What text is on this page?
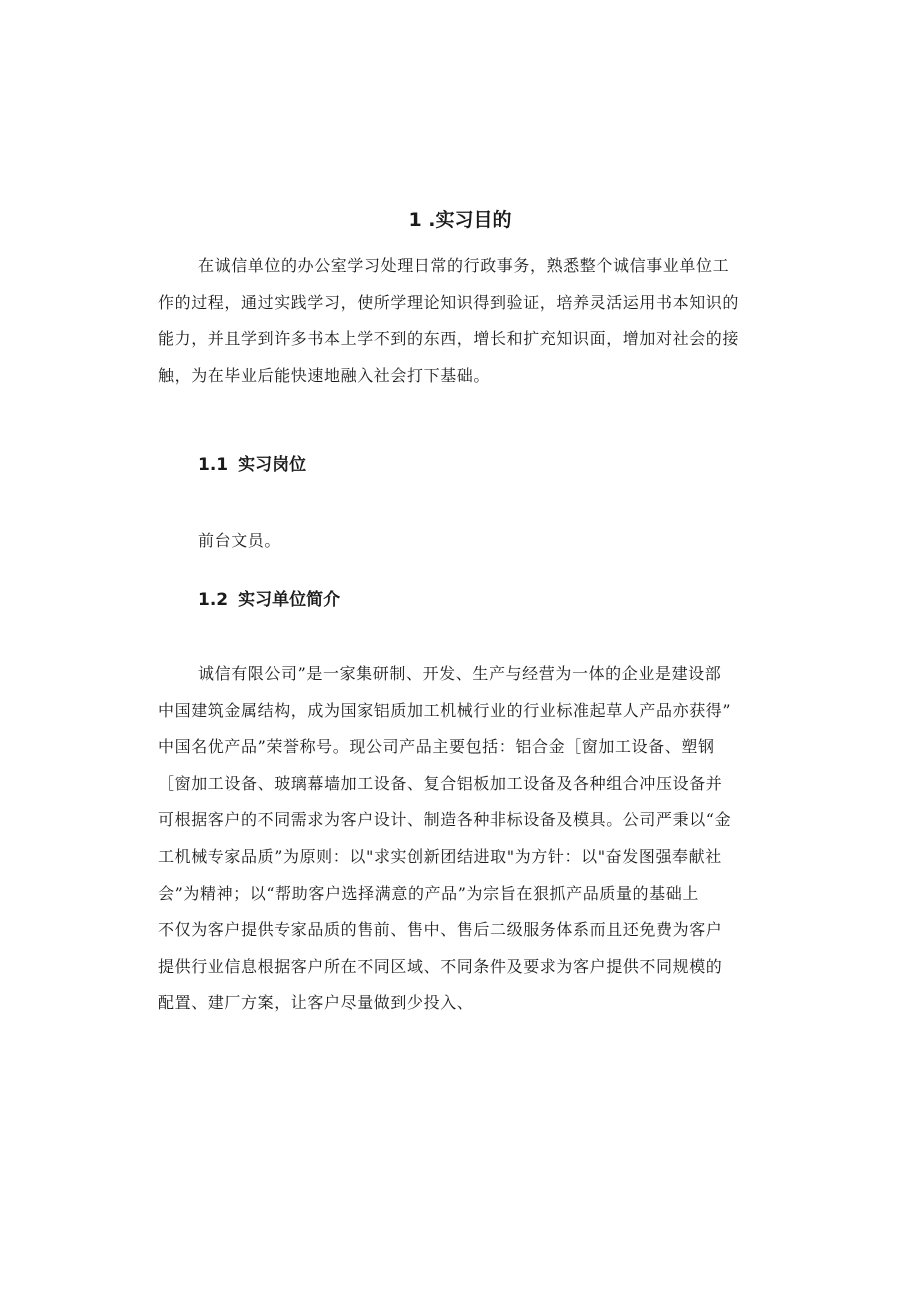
1 .实习目的
在诚信单位的办公室学习处理日常的行政事务，熟悉整个诚信事业单位工
作的过程，通过实践学习，使所学理论知识得到验证，培养灵活运用书本知识的
能力，并且学到许多书本上学不到的东西，增长和扩充知识面，增加对社会的接
触，为在毕业后能快速地融入社会打下基础。
1.1 实习岗位

前台文员。

1.2 实习单位简介
诚信有限公司”是一家集研制、开发、生产与经营为一体的企业是建设部
中国建筑金属结构，成为国家铝质加工机械行业的行业标准起草人产品亦获得”
中国名优产品”荣誉称号。现公司产品主要包括：铝合金［窗加工设备、塑钢
［窗加工设备、玻璃幕墙加工设备、复合铝板加工设备及各种组合冲压设备并
可根据客户的不同需求为客户设计、制造各种非标设备及模具。公司严秉以“金
工机械专家品质”为原则：以"求实创新团结进取"为方针：以"奋发图强奉献社
会”为精神；以“帮助客户选择满意的产品”为宗旨在狠抓产品质量的基础上
不仅为客户提供专家品质的售前、售中、售后二级服务体系而且还免费为客户
提供行业信息根据客户所在不同区域、不同条件及要求为客户提供不同规模的
配置、建厂方案，让客户尽量做到少投入、
